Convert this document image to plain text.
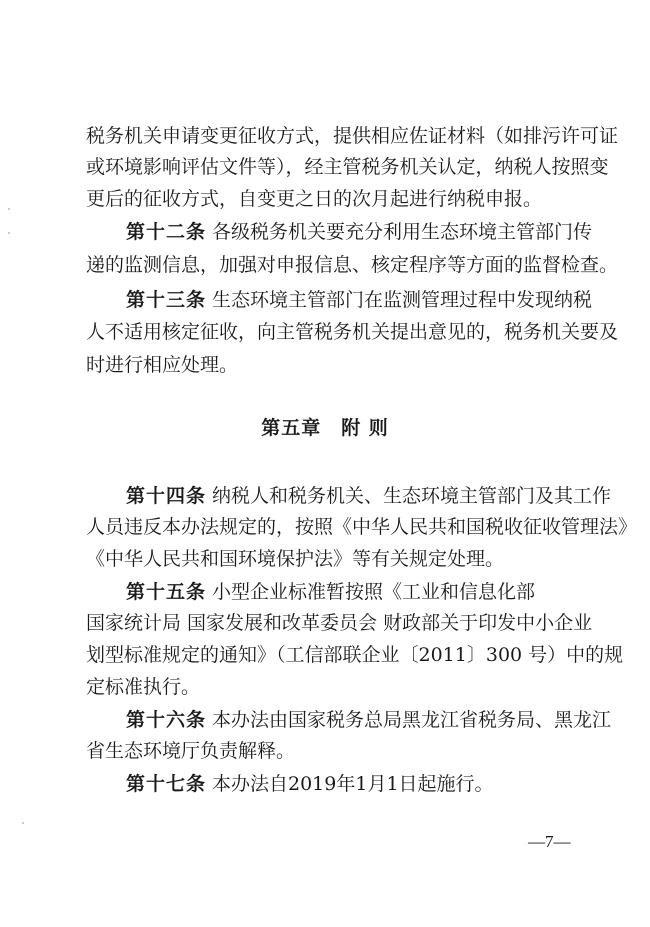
税务机关申请变更征收方式，提供相应佐证材料（如排污许可证
或环境影响评估文件等），经主管税务机关认定，纳税人按照变
更后的征收方式，自变更之日的次月起进行纳税申报。
第十二条 各级税务机关要充分利用生态环境主管部门传
递的监测信息，加强对申报信息、核定程序等方面的监督检查。
第十三条 生态环境主管部门在监测管理过程中发现纳税
人不适用核定征收，向主管税务机关提出意见的，税务机关要及
时进行相应处理。
第五章　附 则
第十四条 纳税人和税务机关、生态环境主管部门及其工作
人员违反本办法规定的，按照《中华人民共和国税收征收管理法》
《中华人民共和国环境保护法》等有关规定处理。
第十五条 小型企业标准暂按照《工业和信息化部
国家统计局 国家发展和改革委员会 财政部关于印发中小企业
划型标准规定的通知》（工信部联企业〔2011〕300 号）中的规
定标准执行。
第十六条 本办法由国家税务总局黑龙江省税务局、黑龙江
省生态环境厅负责解释。
第十七条 本办法自2019年1月1日起施行。
—7—
